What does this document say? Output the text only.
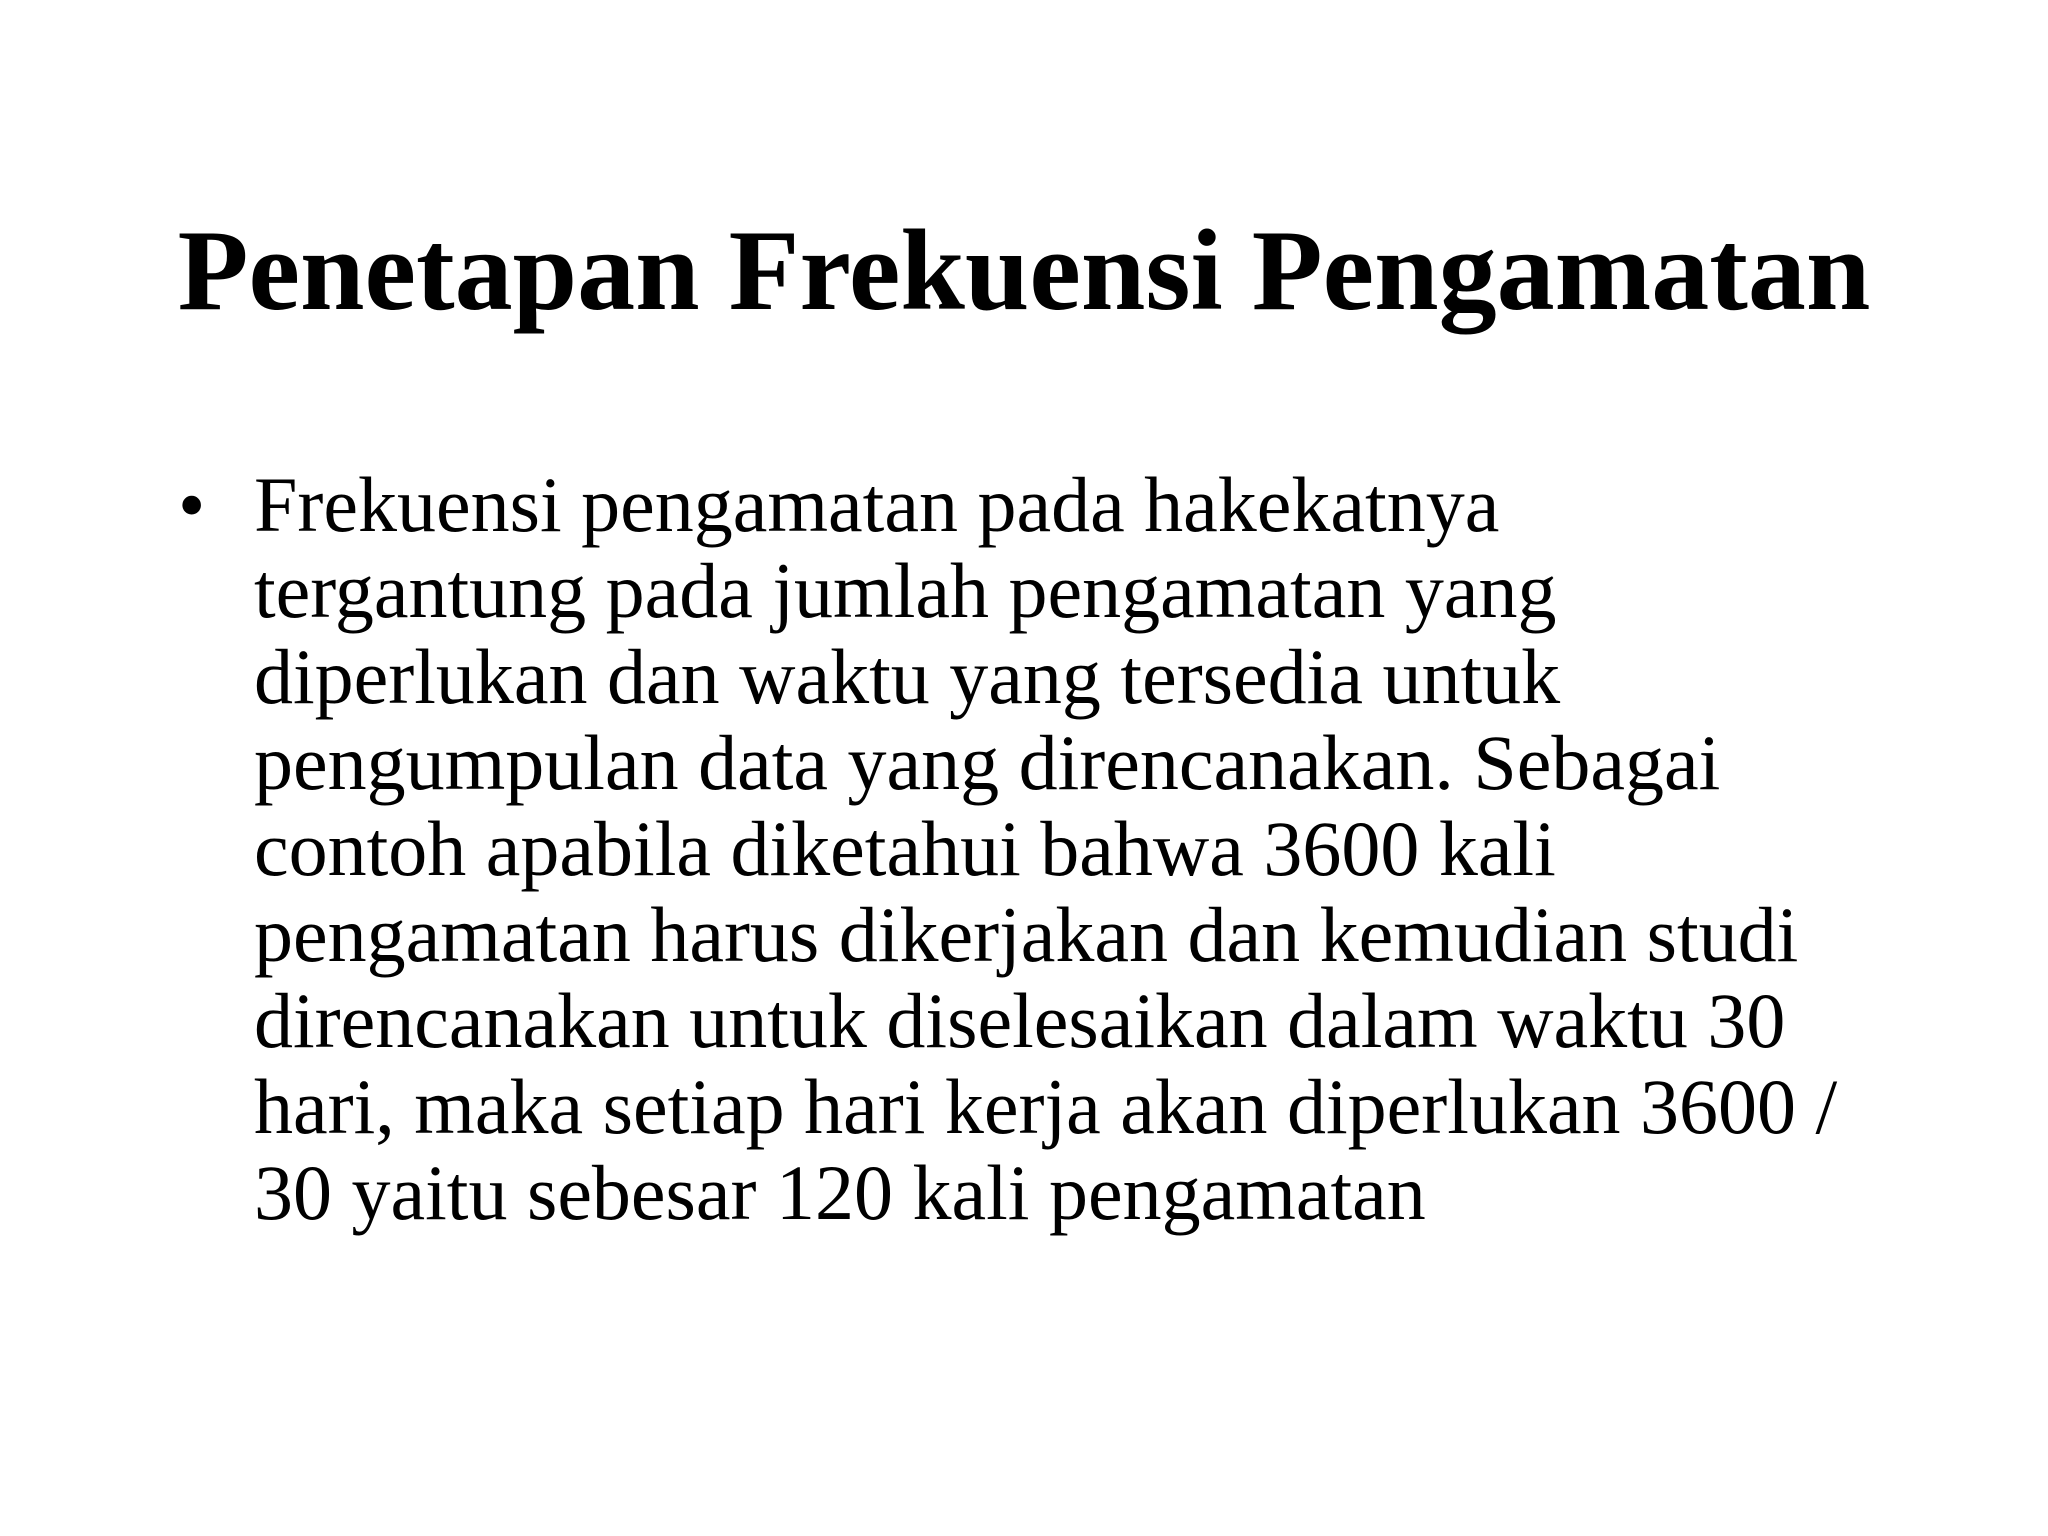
Penetapan Frekuensi Pengamatan
• Frekuensi pengamatan pada hakekatnya
tergantung pada jumlah pengamatan yang
diperlukan dan waktu yang tersedia untuk
pengumpulan data yang direncanakan. Sebagai
contoh apabila diketahui bahwa 3600 kali
pengamatan harus dikerjakan dan kemudian studi
direncanakan untuk diselesaikan dalam waktu 30
hari, maka setiap hari kerja akan diperlukan 3600 /
30 yaitu sebesar 120 kali pengamatan
